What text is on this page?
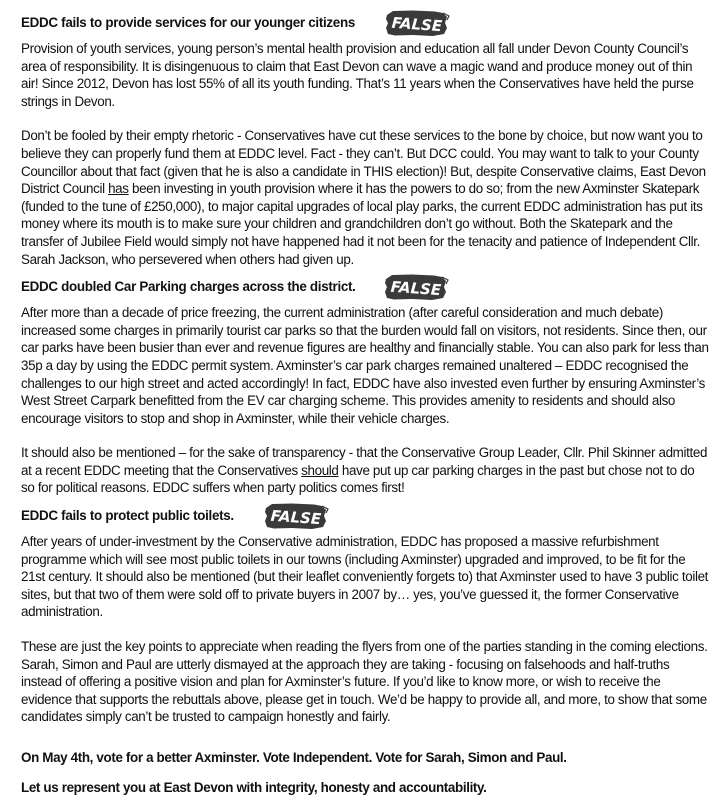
EDDC fails to provide services for our younger citizens FALSE

Provision of youth services, young person’s mental health provision and education all fall under Devon County Council’s area of responsibility. It is disingenuous to claim that East Devon can wave a magic wand and produce money out of thin air! Since 2012, Devon has lost 55% of all its youth funding. That’s 11 years when the Conservatives have held the purse strings in Devon.

Don’t be fooled by their empty rhetoric - Conservatives have cut these services to the bone by choice, but now want you to believe they can properly fund them at EDDC level. Fact - they can’t. But DCC could. You may want to talk to your County Councillor about that fact (given that he is also a candidate in THIS election)! But, despite Conservative claims, East Devon District Council has been investing in youth provision where it has the powers to do so; from the new Axminster Skatepark (funded to the tune of £250,000), to major capital upgrades of local play parks, the current EDDC administration has put its money where its mouth is to make sure your children and grandchildren don’t go without. Both the Skatepark and the transfer of Jubilee Field would simply not have happened had it not been for the tenacity and patience of Independent Cllr. Sarah Jackson, who persevered when others had given up.

EDDC doubled Car Parking charges across the district. FALSE

After more than a decade of price freezing, the current administration (after careful consideration and much debate) increased some charges in primarily tourist car parks so that the burden would fall on visitors, not residents. Since then, our car parks have been busier than ever and revenue figures are healthy and financially stable. You can also park for less than 35p a day by using the EDDC permit system. Axminster’s car park charges remained unaltered – EDDC recognised the challenges to our high street and acted accordingly! In fact, EDDC have also invested even further by ensuring Axminster’s West Street Carpark benefitted from the EV car charging scheme. This provides amenity to residents and should also encourage visitors to stop and shop in Axminster, while their vehicle charges.

It should also be mentioned – for the sake of transparency - that the Conservative Group Leader, Cllr. Phil Skinner admitted at a recent EDDC meeting that the Conservatives should have put up car parking charges in the past but chose not to do so for political reasons. EDDC suffers when party politics comes first!

EDDC fails to protect public toilets. FALSE

After years of under-investment by the Conservative administration, EDDC has proposed a massive refurbishment programme which will see most public toilets in our towns (including Axminster) upgraded and improved, to be fit for the 21st century. It should also be mentioned (but their leaflet conveniently forgets to) that Axminster used to have 3 public toilet sites, but that two of them were sold off to private buyers in 2007 by… yes, you’ve guessed it, the former Conservative administration.

These are just the key points to appreciate when reading the flyers from one of the parties standing in the coming elections. Sarah, Simon and Paul are utterly dismayed at the approach they are taking - focusing on falsehoods and half-truths instead of offering a positive vision and plan for Axminster’s future. If you’d like to know more, or wish to receive the evidence that supports the rebuttals above, please get in touch. We’d be happy to provide all, and more, to show that some candidates simply can’t be trusted to campaign honestly and fairly.

On May 4th, vote for a better Axminster. Vote Independent. Vote for Sarah, Simon and Paul.
Let us represent you at East Devon with integrity, honesty and accountability.
